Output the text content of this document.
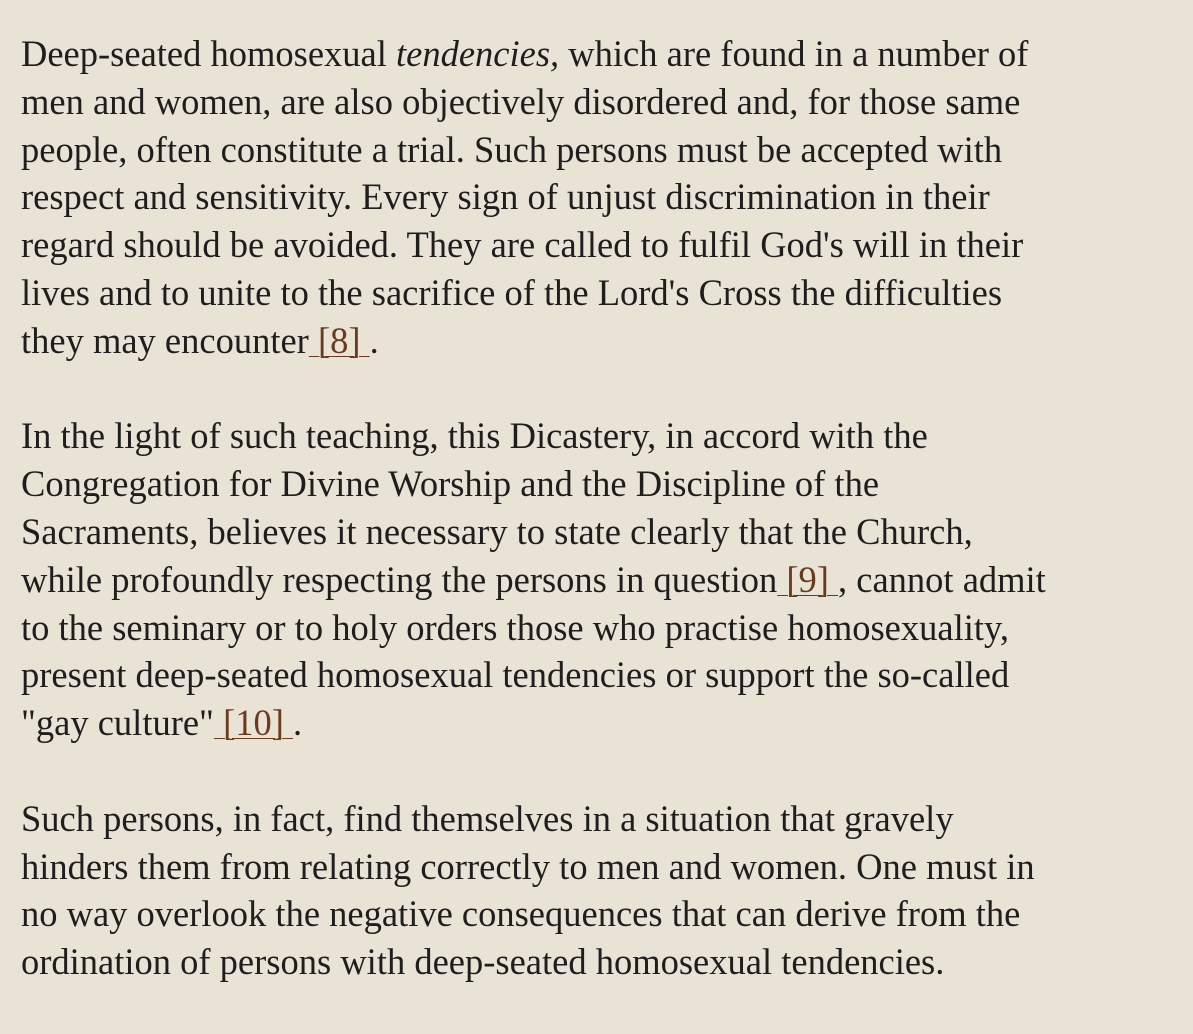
Deep-seated homosexual tendencies, which are found in a number of
men and women, are also objectively disordered and, for those same
people, often constitute a trial. Such persons must be accepted with
respect and sensitivity. Every sign of unjust discrimination in their
regard should be avoided. They are called to fulfil God's will in their
lives and to unite to the sacrifice of the Lord's Cross the difficulties
they may encounter [8] .

In the light of such teaching, this Dicastery, in accord with the
Congregation for Divine Worship and the Discipline of the
Sacraments, believes it necessary to state clearly that the Church,
while profoundly respecting the persons in question [9] , cannot admit
to the seminary or to holy orders those who practise homosexuality,
present deep-seated homosexual tendencies or support the so-called
"gay culture" [10] .

Such persons, in fact, find themselves in a situation that gravely
hinders them from relating correctly to men and women. One must in
no way overlook the negative consequences that can derive from the
ordination of persons with deep-seated homosexual tendencies.
